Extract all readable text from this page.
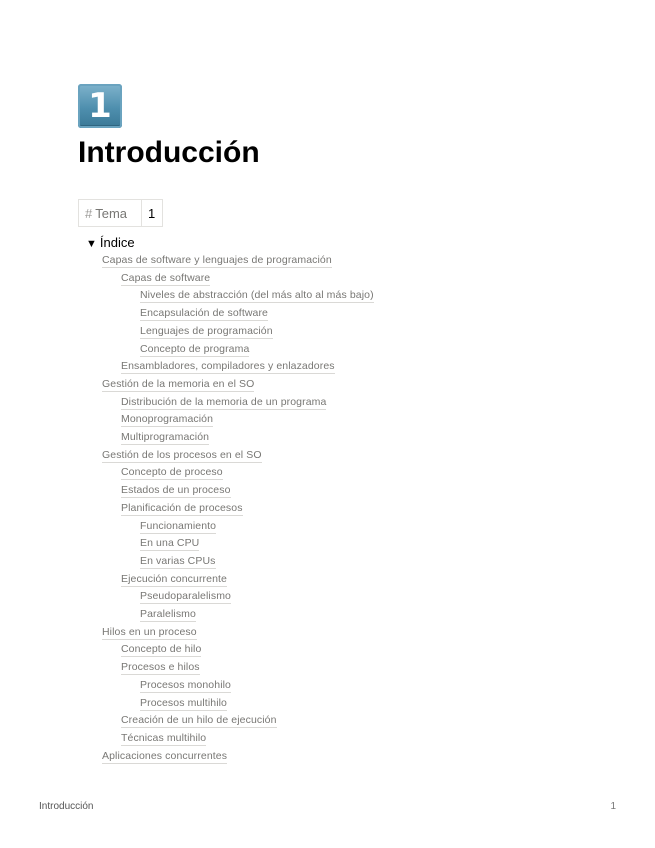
1
Introducción
# Tema	1
▼ Índice
Capas de software y lenguajes de programación
Capas de software
Niveles de abstracción (del más alto al más bajo)
Encapsulación de software
Lenguajes de programación
Concepto de programa
Ensambladores, compiladores y enlazadores
Gestión de la memoria en el SO
Distribución de la memoria de un programa
Monoprogramación
Multiprogramación
Gestión de los procesos en el SO
Concepto de proceso
Estados de un proceso
Planificación de procesos
Funcionamiento
En una CPU
En varias CPUs
Ejecución concurrente
Pseudoparalelismo
Paralelismo
Hilos en un proceso
Concepto de hilo
Procesos e hilos
Procesos monohilo
Procesos multihilo
Creación de un hilo de ejecución
Técnicas multihilo
Aplicaciones concurrentes
Introducción	1
